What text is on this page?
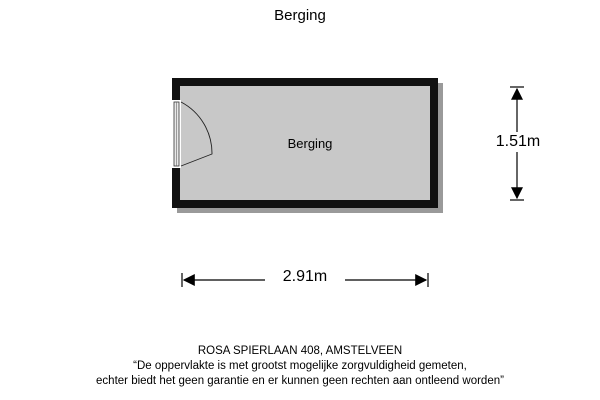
Berging
Berging
2.91m
1.51m
ROSA SPIERLAAN 408, AMSTELVEEN
“De oppervlakte is met grootst mogelijke zorgvuldigheid gemeten,
echter biedt het geen garantie en er kunnen geen rechten aan ontleend worden”
